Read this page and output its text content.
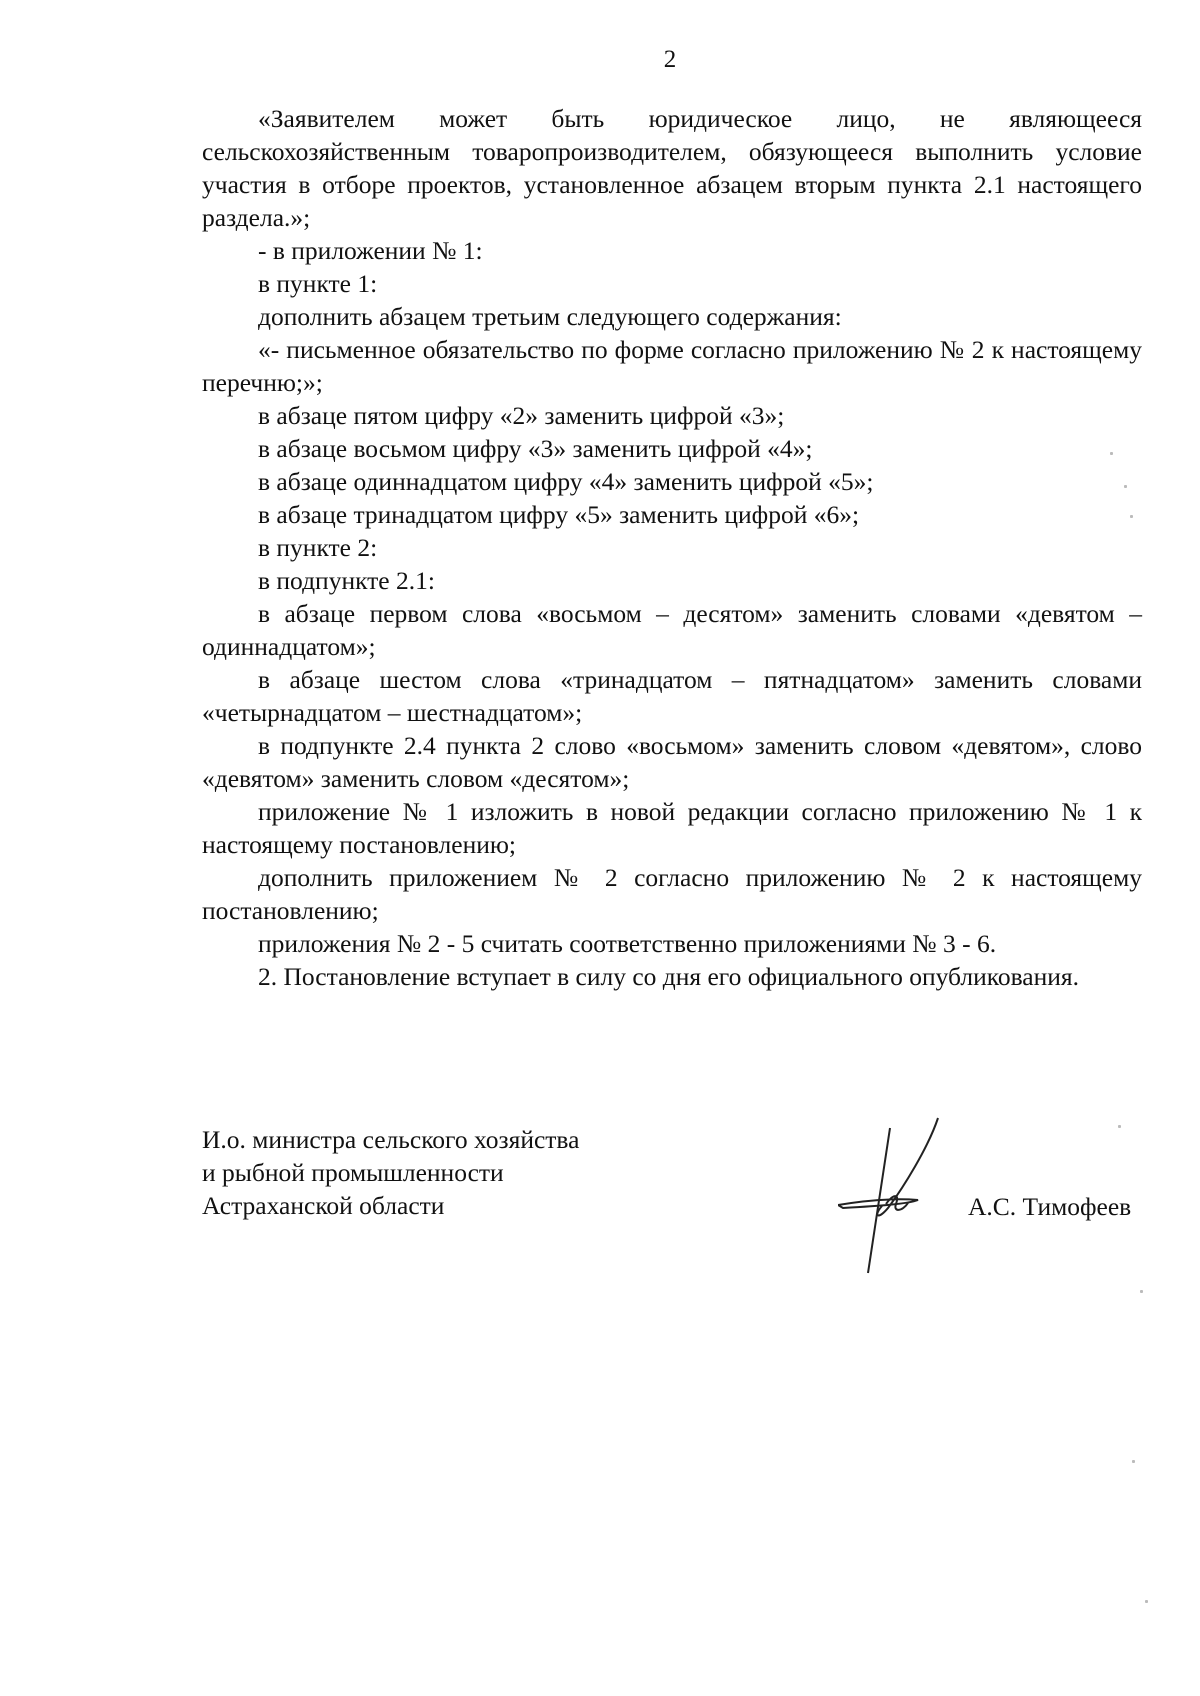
2

«Заявителем может быть юридическое лицо, не являющееся сельскохозяйственным товаропроизводителем, обязующееся выполнить условие участия в отборе проектов, установленное абзацем вторым пункта 2.1 настоящего раздела.»;

- в приложении № 1:

в пункте 1:

дополнить абзацем третьим следующего содержания:

«- письменное обязательство по форме согласно приложению № 2 к настоящему перечню;»;

в абзаце пятом цифру «2» заменить цифрой «3»;

в абзаце восьмом цифру «3» заменить цифрой «4»;

в абзаце одиннадцатом цифру «4» заменить цифрой «5»;

в абзаце тринадцатом цифру «5» заменить цифрой «6»;

в пункте 2:

в подпункте 2.1:

в абзаце первом слова «восьмом – десятом» заменить словами «девятом – одиннадцатом»;

в абзаце шестом слова «тринадцатом – пятнадцатом» заменить словами «четырнадцатом – шестнадцатом»;

в подпункте 2.4 пункта 2 слово «восьмом» заменить словом «девятом», слово «девятом» заменить словом «десятом»;

приложение № 1 изложить в новой редакции согласно приложению № 1 к настоящему постановлению;

дополнить приложением № 2 согласно приложению № 2 к настоящему постановлению;

приложения № 2 - 5 считать соответственно приложениями № 3 - 6.

2. Постановление вступает в силу со дня его официального опубликования.

И.о. министра сельского хозяйства
и рыбной промышленности
Астраханской области	А.С. Тимофеев
